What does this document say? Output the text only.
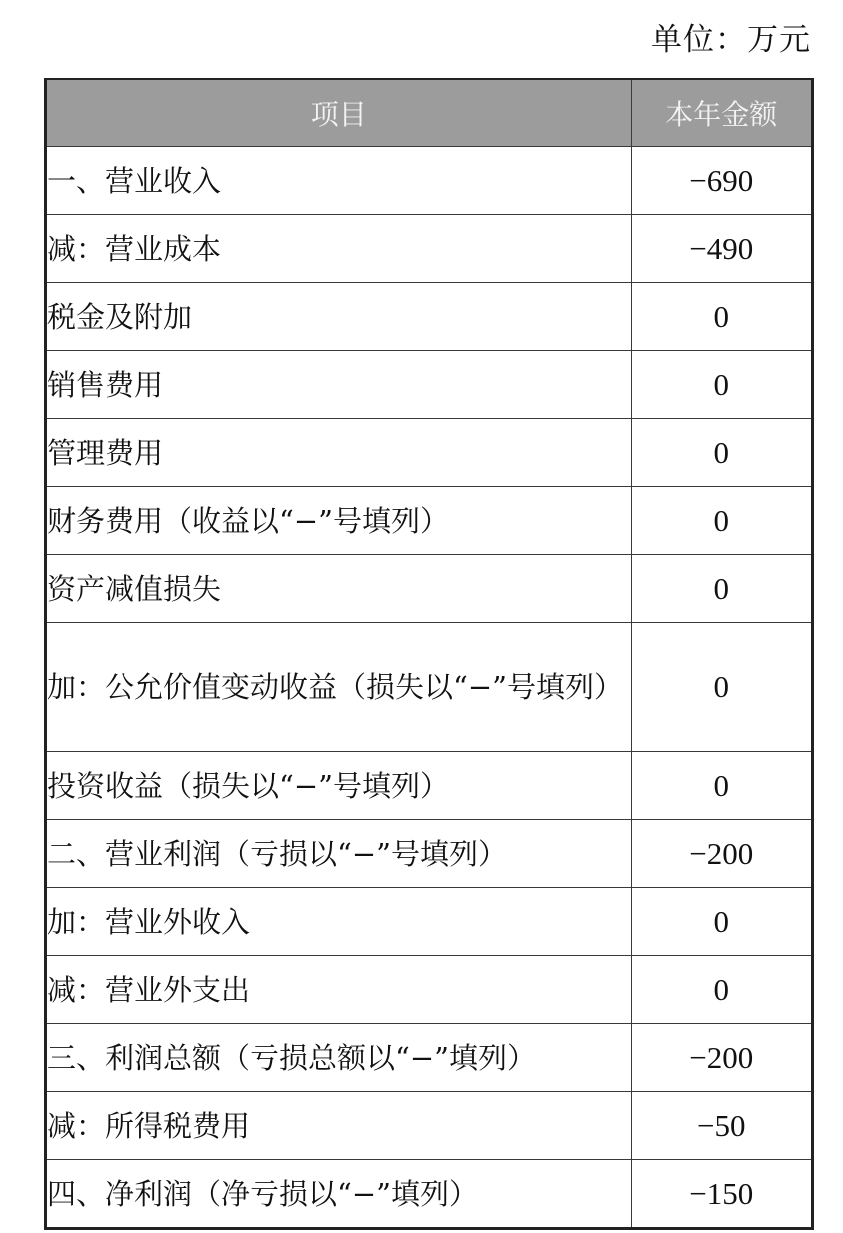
单位：万元
项目	本年金额
一、营业收入	−690
减：营业成本	−490
税金及附加	0
销售费用	0
管理费用	0
财务费用（收益以“−”号填列）	0
资产减值损失	0
加：公允价值变动收益（损失以“−”号填列）	0
投资收益（损失以“−”号填列）	0
二、营业利润（亏损以“−”号填列）	−200
加：营业外收入	0
减：营业外支出	0
三、利润总额（亏损总额以“−”填列）	−200
减：所得税费用	−50
四、净利润（净亏损以“−”填列）	−150
